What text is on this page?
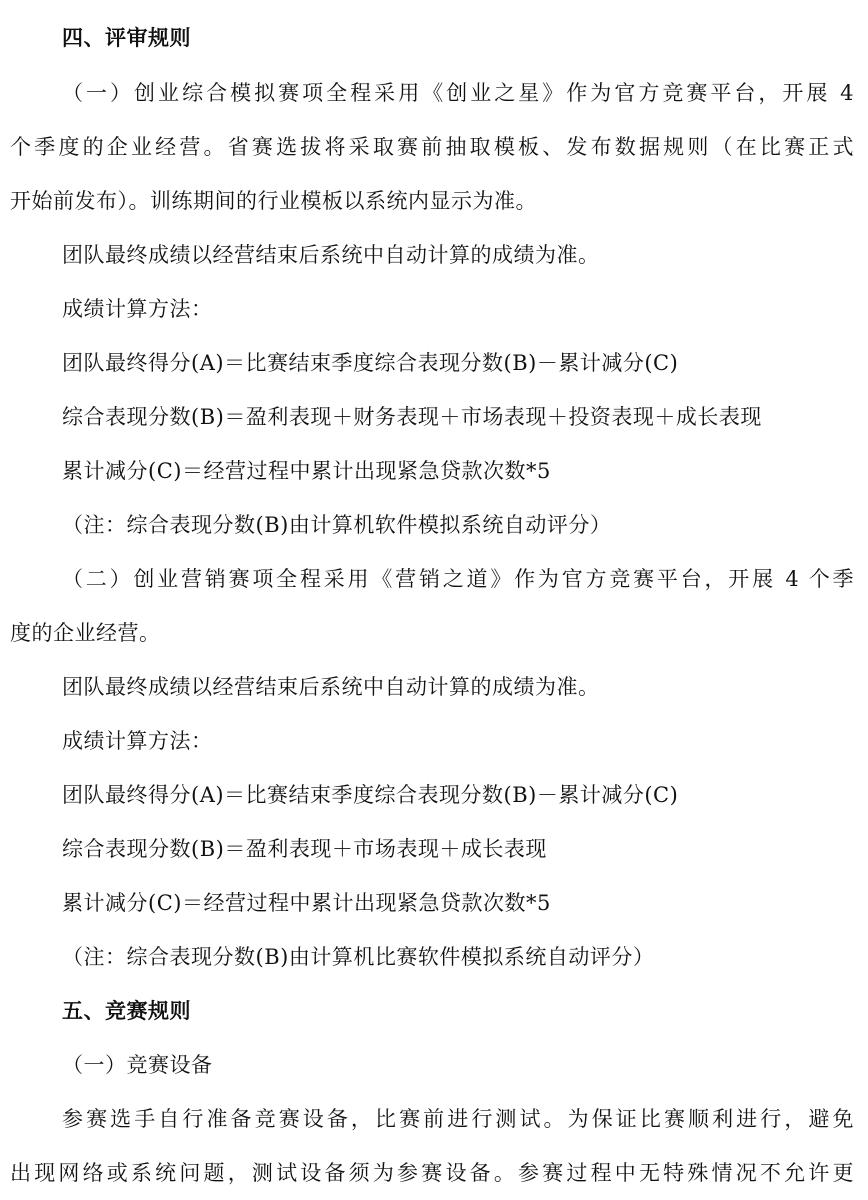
四、评审规则
（一）创业综合模拟赛项全程采用《创业之星》作为官方竞赛平台，开展 4
个季度的企业经营。省赛选拔将采取赛前抽取模板、发布数据规则（在比赛正式
开始前发布）。训练期间的行业模板以系统内显示为准。
团队最终成绩以经营结束后系统中自动计算的成绩为准。
成绩计算方法：
团队最终得分(A)＝比赛结束季度综合表现分数(B)－累计减分(C)
综合表现分数(B)＝盈利表现＋财务表现＋市场表现＋投资表现＋成长表现
累计减分(C)＝经营过程中累计出现紧急贷款次数*5
（注：综合表现分数(B)由计算机软件模拟系统自动评分）
（二）创业营销赛项全程采用《营销之道》作为官方竞赛平台，开展 4 个季
度的企业经营。
团队最终成绩以经营结束后系统中自动计算的成绩为准。
成绩计算方法：
团队最终得分(A)＝比赛结束季度综合表现分数(B)－累计减分(C)
综合表现分数(B)＝盈利表现＋市场表现＋成长表现
累计减分(C)＝经营过程中累计出现紧急贷款次数*5
（注：综合表现分数(B)由计算机比赛软件模拟系统自动评分）
五、竞赛规则
（一）竞赛设备
参赛选手自行准备竞赛设备，比赛前进行测试。为保证比赛顺利进行，避免
出现网络或系统问题，测试设备须为参赛设备。参赛过程中无特殊情况不允许更
